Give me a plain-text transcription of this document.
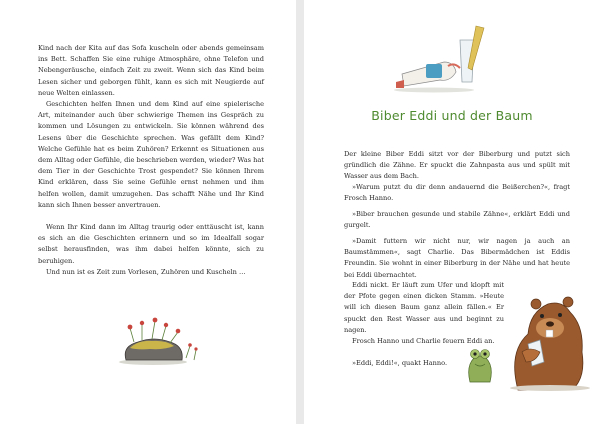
Kind nach der Kita auf das Sofa kuscheln oder abends gemeinsam ins Bett. Schaffen Sie eine ruhige Atmosphäre, ohne Telefon und Nebengeräusche, einfach Zeit zu zweit. Wenn sich das Kind beim Lesen sicher und geborgen fühlt, kann es sich mit Neugierde auf neue Welten einlassen.

Geschichten helfen Ihnen und dem Kind auf eine spielerische Art, miteinander auch über schwierige Themen ins Gespräch zu kommen und Lösungen zu entwickeln. Sie können während des Lesens über die Geschichte sprechen. Was gefällt dem Kind? Welche Gefühle hat es beim Zuhören? Erkennt es Situationen aus dem Alltag oder Gefühle, die beschrieben werden, wieder? Was hat dem Tier in der Geschichte Trost gespendet? Sie können Ihrem Kind erklären, dass Sie seine Gefühle ernst nehmen und ihm helfen wollen, damit umzugehen. Das schafft Nähe und Ihr Kind kann sich Ihnen besser anvertrauen.

Wenn Ihr Kind dann im Alltag traurig oder enttäuscht ist, kann es sich an die Geschichten erinnern und so im Idealfall sogar selbst herausfinden, was ihm dabei helfen könnte, sich zu beruhigen.

Und nun ist es Zeit zum Vorlesen, Zuhören und Kuscheln …

Biber Eddi und der Baum

Der kleine Biber Eddi sitzt vor der Biberburg und putzt sich gründlich die Zähne. Er spuckt die Zahnpasta aus und spült mit Wasser aus dem Bach.

»Warum putzt du dir denn andauernd die Beißerchen?«, fragt Frosch Hanno.

»Biber brauchen gesunde und stabile Zähne«, erklärt Eddi und gurgelt.

»Damit futtern wir nicht nur, wir nagen ja auch an Baumstämmen«, sagt Charlie. Das Bibermädchen ist Eddis Freundin. Sie wohnt in einer Biberburg in der Nähe und hat heute bei Eddi übernachtet.

Eddi nickt. Er läuft zum Ufer und klopft mit der Pfote gegen einen dicken Stamm. »Heute will ich diesen Baum ganz allein fällen.« Er spuckt den Rest Wasser aus und beginnt zu nagen.

Frosch Hanno und Charlie feuern Eddi an.

»Eddi, Eddi!«, quakt Hanno.
